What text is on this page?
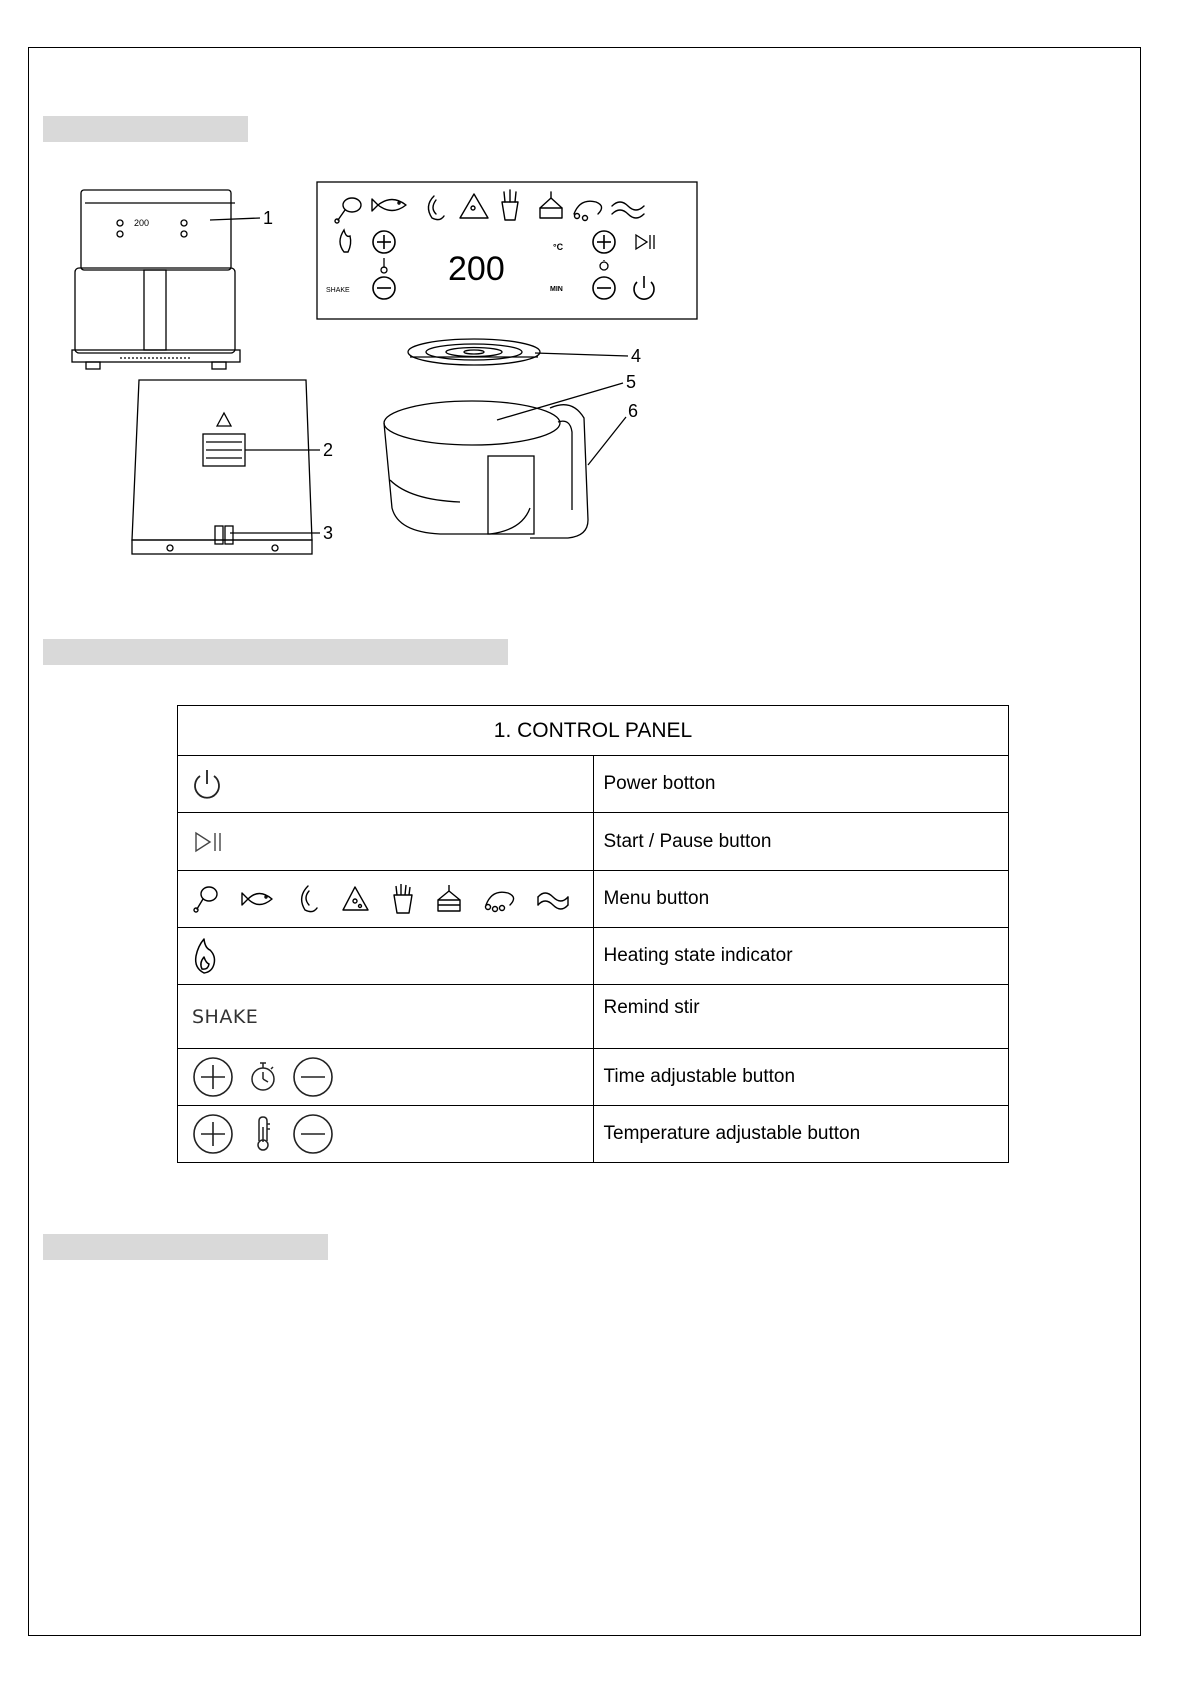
200	1
2
3
SHAKE
200
°C
MIN
4
5
6
1. CONTROL PANEL	

	Power botton

	Start / Pause button

	Menu button

	Heating state indicator

SHAKE	Remind stir

	Time adjustable button

	Temperature adjustable button
